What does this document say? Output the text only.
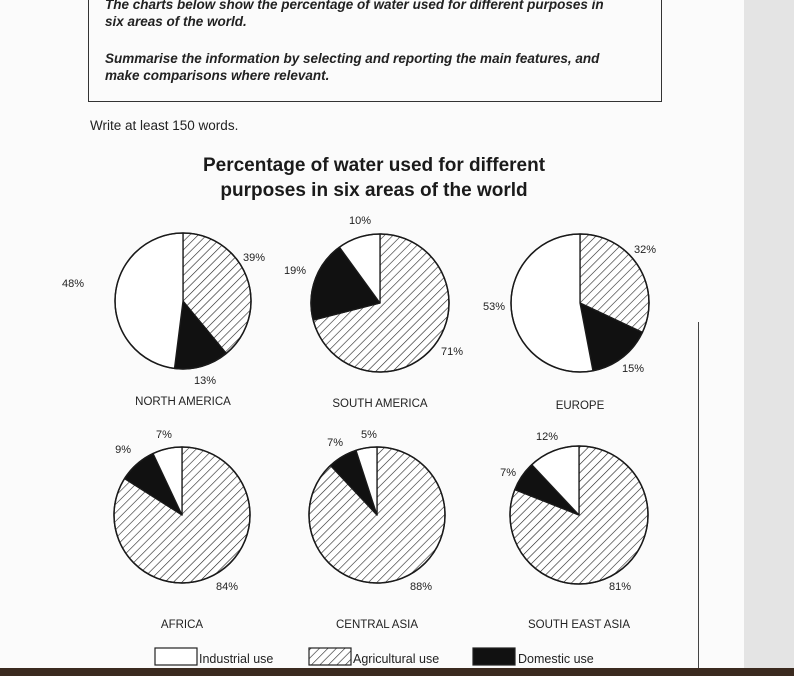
The charts below show the percentage of water used for different purposes in
six areas of the world.
Summarise the information by selecting and reporting the main features, and
make comparisons where relevant.
Write at least 150 words.
Percentage of water used for different
purposes in six areas of the world
48%
39%
13%
NORTH AMERICA
10%
71%
19%
SOUTH AMERICA
53%
32%
15%
EUROPE
7%
84%
9%
AFRICA
5%
88%
7%
CENTRAL ASIA
12%
81%
7%
SOUTH EAST ASIA
Industrial use	Agricultural use	Domestic use
